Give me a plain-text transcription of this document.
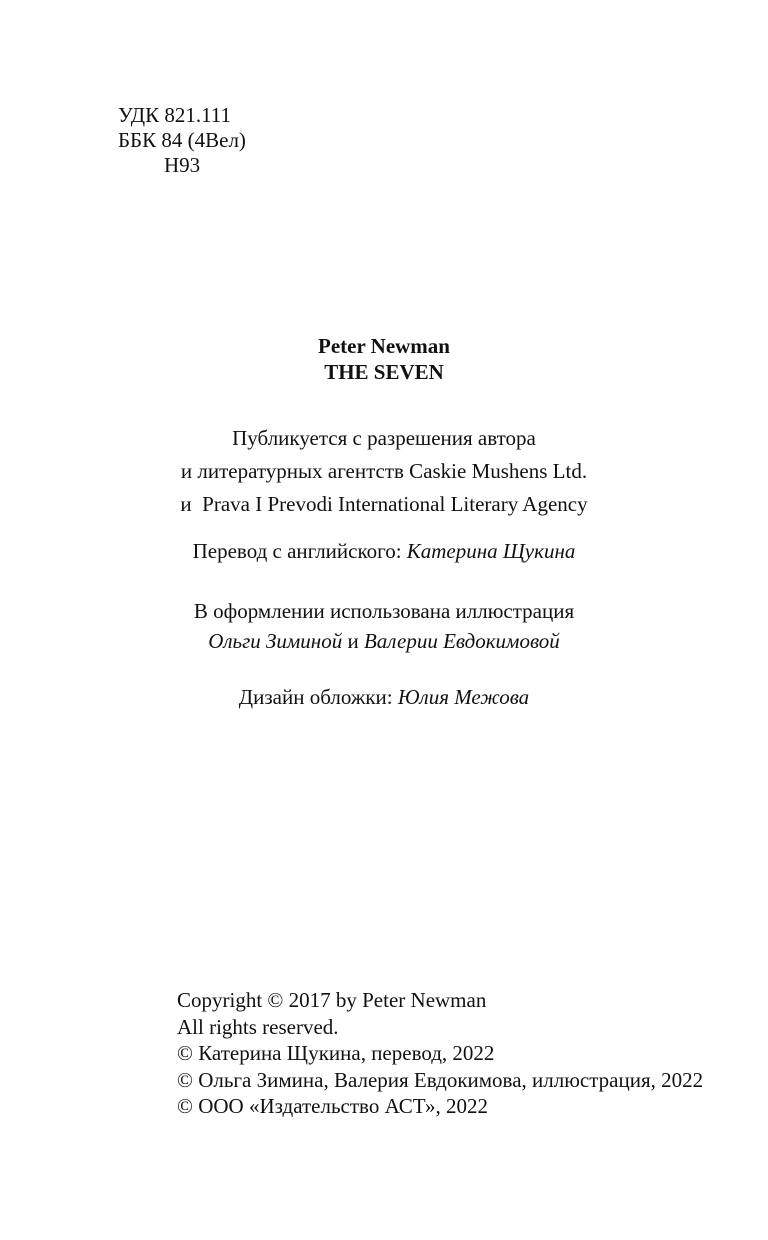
УДК 821.111
ББК 84 (4Вел)
Н93
Peter Newman
THE SEVEN
Публикуется с разрешения автора
и литературных агентств Caskie Mushens Ltd.
и  Prava I Prevodi International Literary Agency
Перевод с английского: Катерина Щукина
В оформлении использована иллюстрация
Ольги Зиминой и Валерии Евдокимовой
Дизайн обложки: Юлия Межова
Copyright © 2017 by Peter Newman
All rights reserved.
© Катерина Щукина, перевод, 2022
© Ольга Зимина, Валерия Евдокимова, иллюстрация, 2022
© ООО «Издательство АСТ», 2022
